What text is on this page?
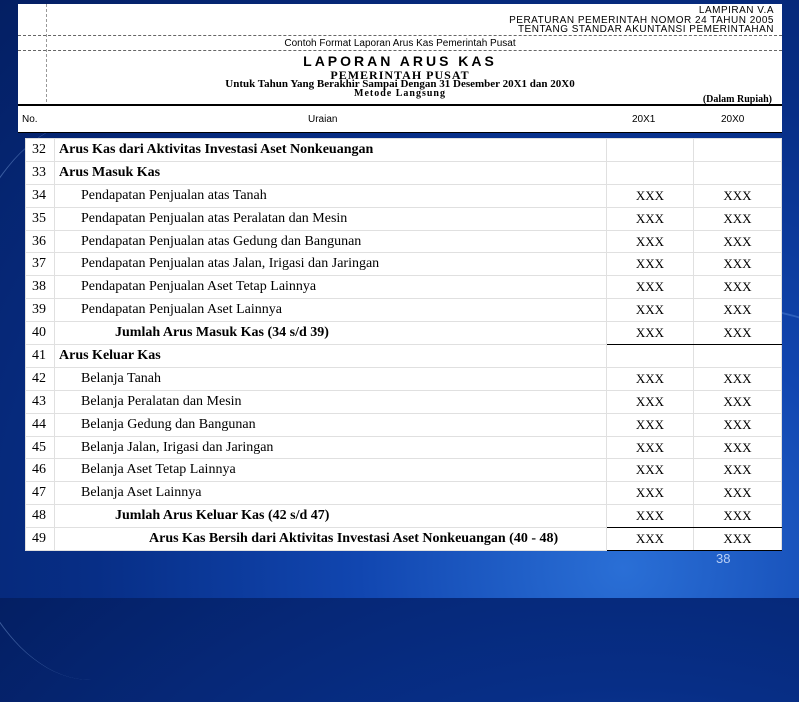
LAMPIRAN V.A
PERATURAN PEMERINTAH NOMOR 24 TAHUN 2005
TENTANG STANDAR AKUNTANSI PEMERINTAHAN
Contoh Format Laporan Arus Kas Pemerintah Pusat
LAPORAN ARUS KAS
PEMERINTAH PUSAT
Untuk Tahun Yang Berakhir Sampai Dengan 31 Desember 20X1 dan 20X0
Metode Langsung
(Dalam Rupiah)
No.	Uraian	20X1	20X0
32	Arus Kas dari Aktivitas Investasi Aset Nonkeuangan		
33	Arus Masuk Kas		
34	Pendapatan Penjualan atas Tanah	XXX	XXX
35	Pendapatan Penjualan atas Peralatan dan Mesin	XXX	XXX
36	Pendapatan Penjualan atas Gedung dan Bangunan	XXX	XXX
37	Pendapatan Penjualan atas Jalan, Irigasi dan Jaringan	XXX	XXX
38	Pendapatan Penjualan Aset Tetap Lainnya	XXX	XXX
39	Pendapatan Penjualan Aset Lainnya	XXX	XXX
40	Jumlah Arus Masuk Kas (34 s/d 39)	XXX	XXX
41	Arus Keluar Kas		
42	Belanja Tanah	XXX	XXX
43	Belanja Peralatan dan Mesin	XXX	XXX
44	Belanja Gedung dan Bangunan	XXX	XXX
45	Belanja Jalan, Irigasi dan Jaringan	XXX	XXX
46	Belanja Aset Tetap Lainnya	XXX	XXX
47	Belanja Aset Lainnya	XXX	XXX
48	Jumlah Arus Keluar Kas (42 s/d 47)	XXX	XXX
49	Arus Kas Bersih dari Aktivitas Investasi Aset Nonkeuangan (40 - 48)	XXX	XXX
38
